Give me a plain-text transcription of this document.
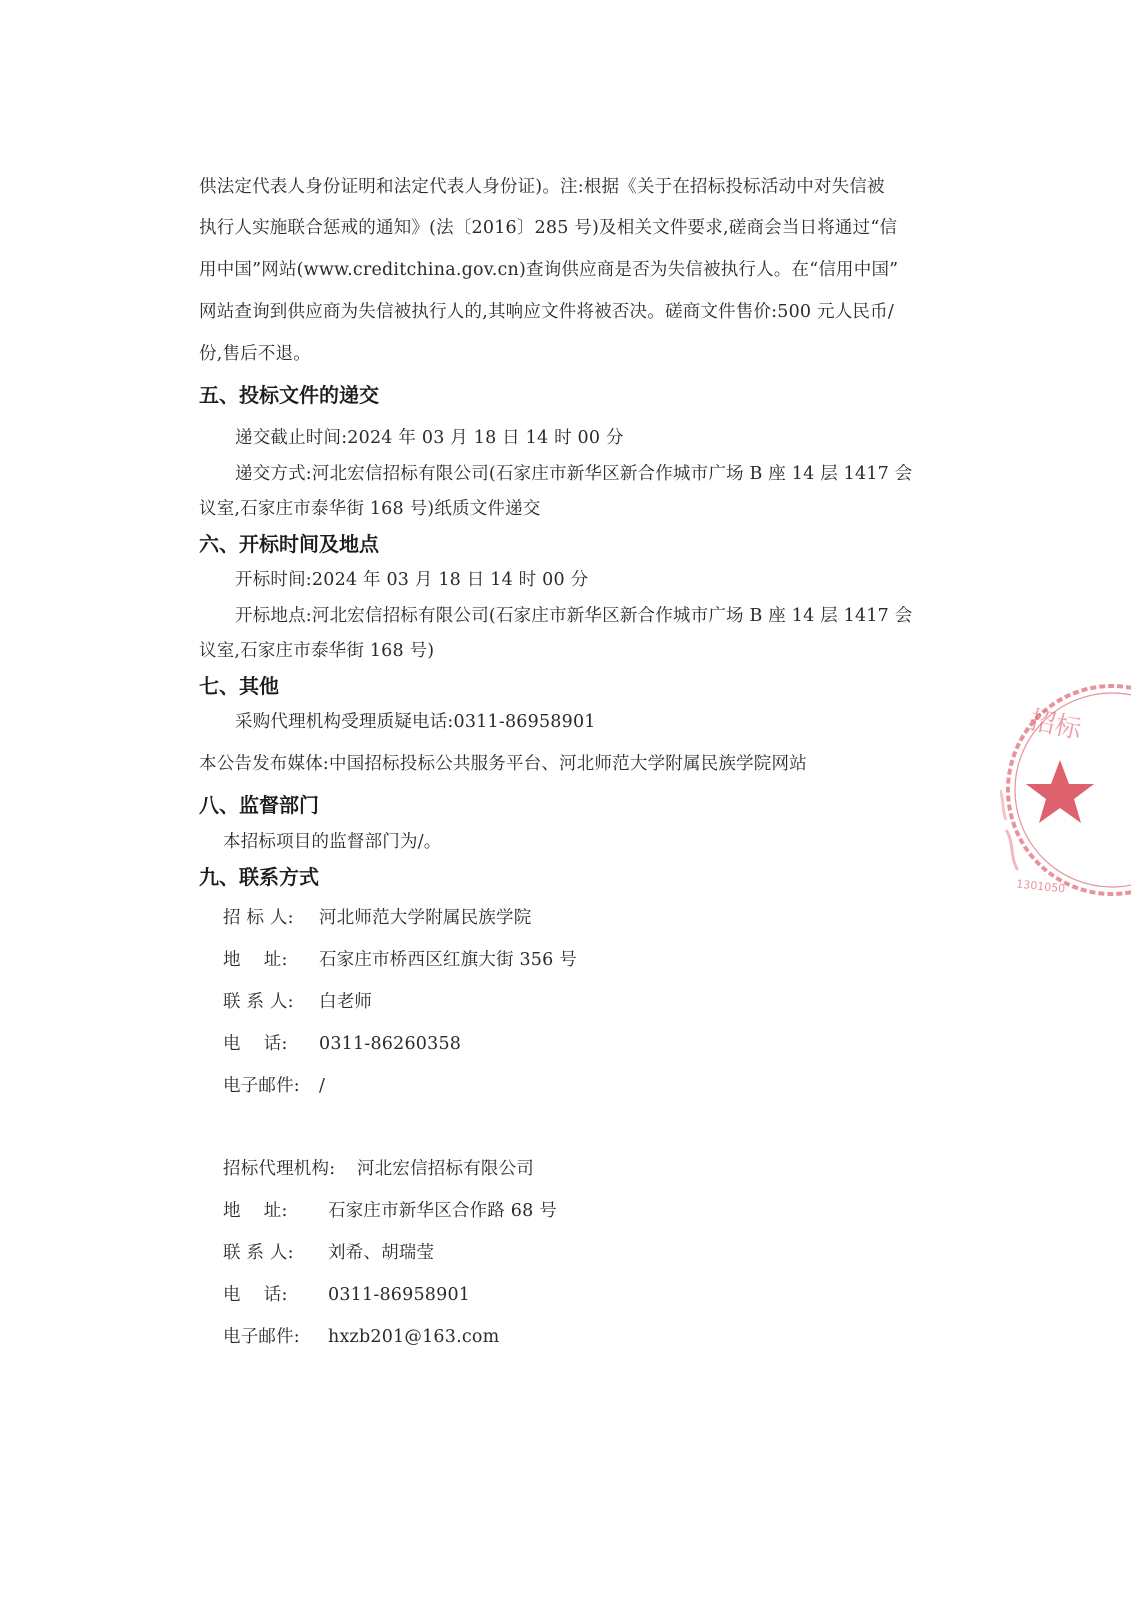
供法定代表人身份证明和法定代表人身份证)。注:根据《关于在招标投标活动中对失信被
执行人实施联合惩戒的通知》(法〔2016〕285 号)及相关文件要求,磋商会当日将通过“信
用中国”网站(www.creditchina.gov.cn)查询供应商是否为失信被执行人。在“信用中国”
网站查询到供应商为失信被执行人的,其响应文件将被否决。磋商文件售价:500 元人民币/
份,售后不退。
五、投标文件的递交
递交截止时间:2024 年 03 月 18 日 14 时 00 分
递交方式:河北宏信招标有限公司(石家庄市新华区新合作城市广场 B 座 14 层 1417 会
议室,石家庄市泰华街 168 号)纸质文件递交
六、开标时间及地点
开标时间:2024 年 03 月 18 日 14 时 00 分
开标地点:河北宏信招标有限公司(石家庄市新华区新合作城市广场 B 座 14 层 1417 会
议室,石家庄市泰华街 168 号)
七、其他
采购代理机构受理质疑电话:0311-86958901
本公告发布媒体:中国招标投标公共服务平台、河北师范大学附属民族学院网站
八、监督部门
本招标项目的监督部门为/。
九、联系方式
招 标 人: 河北师范大学附属民族学院
地    址: 石家庄市桥西区红旗大街 356 号
联 系 人: 白老师
电    话: 0311-86260358
电子邮件: /
招标代理机构: 河北宏信招标有限公司
地    址: 石家庄市新华区合作路 68 号
联 系 人: 刘希、胡瑞莹
电    话: 0311-86958901
电子邮件: hxzb201@163.com
招标
1301050
